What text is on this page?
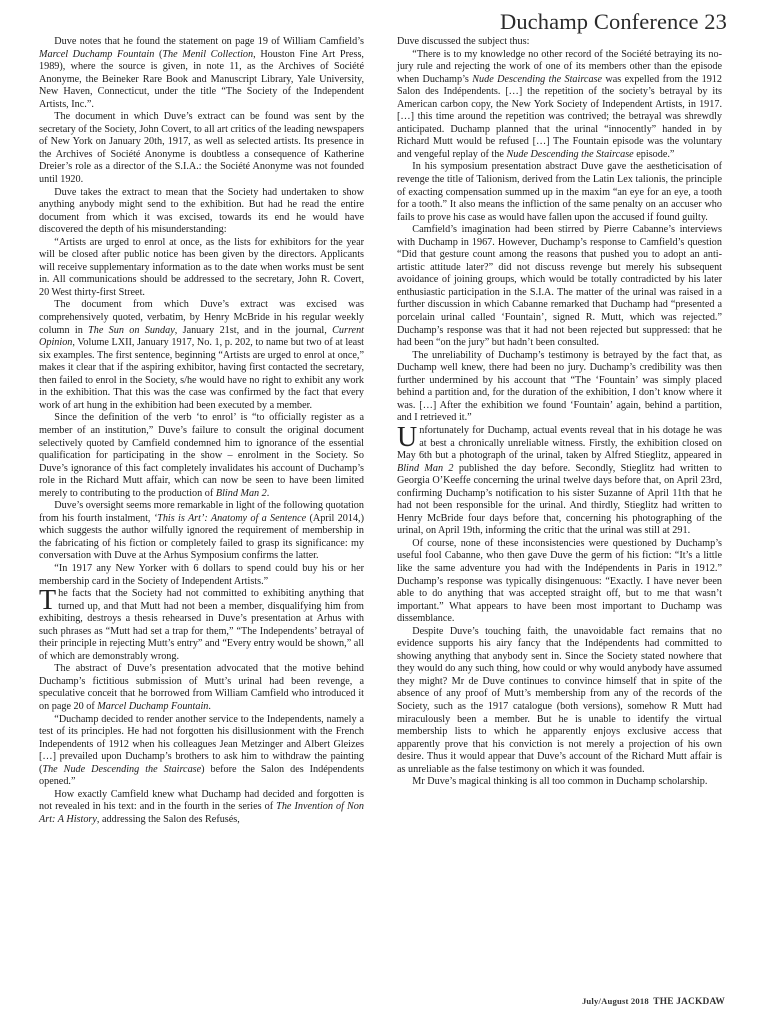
Duchamp Conference 23

Duve notes that he found the statement on page 19 of William Camfield’s Marcel Duchamp Fountain (The Menil Collection, Houston Fine Art Press, 1989), where the source is given, in note 11, as the Archives of Société Anonyme, the Beineker Rare Book and Manuscript Library, Yale University, New Haven, Connecticut, under the title “The Society of the Independent Artists, Inc.”.

The document in which Duve’s extract can be found was sent by the secretary of the Society, John Covert, to all art critics of the leading newspapers of New York on January 20th, 1917, as well as selected artists. Its presence in the Archives of Société Anonyme is doubtless a consequence of Katherine Dreier’s role as a director of the S.I.A.: the Société Anonyme was not founded until 1920.

Duve takes the extract to mean that the Society had undertaken to show anything anybody might send to the exhibition. But had he read the entire document from which it was excised, towards its end he would have discovered the depth of his misunderstanding:

“Artists are urged to enrol at once, as the lists for exhibitors for the year will be closed after public notice has been given by the directors. Applicants will receive supplementary information as to the date when works must be sent in. All communications should be addressed to the secretary, John R. Covert, 20 West thirty-first Street.

The document from which Duve’s extract was excised was comprehensively quoted, verbatim, by Henry McBride in his regular weekly column in The Sun on Sunday, January 21st, and in the journal, Current Opinion, Volume LXII, January 1917, No. 1, p. 202, to name but two of at least six examples. The first sentence, beginning “Artists are urged to enrol at once,” makes it clear that if the aspiring exhibitor, having first contacted the secretary, then failed to enrol in the Society, s/he would have no right to exhibit any work in the exhibition. That this was the case was confirmed by the fact that every work of art hung in the exhibition had been executed by a member.

Since the definition of the verb ‘to enrol’ is “to officially register as a member of an institution,” Duve’s failure to consult the original document selectively quoted by Camfield condemned him to ignorance of the essential qualification for participating in the show – enrolment in the Society. So Duve’s ignorance of this fact completely invalidates his account of Duchamp’s role in the Richard Mutt affair, which can now be seen to have been limited merely to contributing to the production of Blind Man 2.

Duve’s oversight seems more remarkable in light of the following quotation from his fourth instalment, ‘This is Art’: Anatomy of a Sentence (April 2014,) which suggests the author wilfully ignored the requirement of membership in the fabricating of his fiction or completely failed to grasp its significance: my conversation with Duve at the Arhus Symposium confirms the latter.

“In 1917 any New Yorker with 6 dollars to spend could buy his or her membership card in the Society of Independent Artists.”

The facts that the Society had not committed to exhibiting anything that turned up, and that Mutt had not been a member, disqualifying him from exhibiting, destroys a thesis rehearsed in Duve’s presentation at Arhus with such phrases as “Mutt had set a trap for them,” “The Independents’ betrayal of their principle in rejecting Mutt’s entry” and “Every entry would be shown,” all of which are demonstrably wrong.

The abstract of Duve’s presentation advocated that the motive behind Duchamp’s fictitious submission of Mutt’s urinal had been revenge, a speculative conceit that he borrowed from William Camfield who introduced it on page 20 of Marcel Duchamp Fountain.

“Duchamp decided to render another service to the Independents, namely a test of its principles. He had not forgotten his disillusionment with the French Independents of 1912 when his colleagues Jean Metzinger and Albert Gleizes […] prevailed upon Duchamp’s brothers to ask him to withdraw the painting (The Nude Descending the Staircase) before the Salon des Indépendents opened.”

How exactly Camfield knew what Duchamp had decided and forgotten is not revealed in his text: and in the fourth in the series of The Invention of Non Art: A History, addressing the Salon des Refusés,

Duve discussed the subject thus:

“There is to my knowledge no other record of the Société betraying its no-jury rule and rejecting the work of one of its members other than the episode when Duchamp’s Nude Descending the Staircase was expelled from the 1912 Salon des Indépendents. […] the repetition of the society’s betrayal by its American carbon copy, the New York Society of Independent Artists, in 1917. […] this time around the repetition was contrived; the betrayal was shrewdly anticipated. Duchamp planned that the urinal “innocently” handed in by Richard Mutt would be refused […] The Fountain episode was the voluntary and vengeful replay of the Nude Descending the Staircase episode.”

In his symposium presentation abstract Duve gave the aestheticisation of revenge the title of Talionism, derived from the Latin Lex talionis, the principle of exacting compensation summed up in the maxim “an eye for an eye, a tooth for a tooth.” It also means the infliction of the same penalty on an accuser who fails to prove his case as would have fallen upon the accused if found guilty.

Camfield’s imagination had been stirred by Pierre Cabanne’s interviews with Duchamp in 1967. However, Duchamp’s response to Camfield’s question “Did that gesture count among the reasons that pushed you to adopt an anti-artistic attitude later?” did not discuss revenge but merely his subsequent avoidance of joining groups, which would be totally contradicted by his later enthusiastic participation in the S.I.A. The matter of the urinal was raised in a further discussion in which Cabanne remarked that Duchamp had “presented a porcelain urinal called ‘Fountain’, signed R. Mutt, which was rejected.” Duchamp’s response was that it had not been rejected but suppressed: that he had been “on the jury” but hadn’t been consulted.

The unreliability of Duchamp’s testimony is betrayed by the fact that, as Duchamp well knew, there had been no jury. Duchamp’s credibility was then further undermined by his account that “The ‘Fountain’ was simply placed behind a partition and, for the duration of the exhibition, I don’t know where it was. […] After the exhibition we found ‘Fountain’ again, behind a partition, and I retrieved it.”

Unfortunately for Duchamp, actual events reveal that in his dotage he was at best a chronically unreliable witness. Firstly, the exhibition closed on May 6th but a photograph of the urinal, taken by Alfred Stieglitz, appeared in Blind Man 2 published the day before. Secondly, Stieglitz had written to Georgia O’Keeffe concerning the urinal twelve days before that, on April 23rd, confirming Duchamp’s notification to his sister Suzanne of April 11th that he had not been responsible for the urinal. And thirdly, Stieglitz had written to Henry McBride four days before that, concerning his photographing of the urinal, on April 19th, informing the critic that the urinal was still at 291.

Of course, none of these inconsistencies were questioned by Duchamp’s useful fool Cabanne, who then gave Duve the germ of his fiction: “It’s a little like the same adventure you had with the Indépendents in Paris in 1912.” Duchamp’s response was typically disingenuous: “Exactly. I have never been able to do anything that was accepted straight off, but to me that wasn’t important.” What appears to have been most important to Duchamp was dissemblance.

Despite Duve’s touching faith, the unavoidable fact remains that no evidence supports his airy fancy that the Indépendents had committed to showing anything that anybody sent in. Since the Society stated nowhere that they would do any such thing, how could or why would anybody have assumed they might? Mr de Duve continues to convince himself that in spite of the absence of any proof of Mutt’s membership from any of the records of the Society, such as the 1917 catalogue (both versions), somehow R Mutt had miraculously been a member. But he is unable to identify the virtual membership lists to which he apparently enjoys exclusive access that apparently prove that his conviction is not merely a projection of his own desire. Thus it would appear that Duve’s account of the Richard Mutt affair is as unreliable as the false testimony on which it was founded.

Mr Duve’s magical thinking is all too common in Duchamp scholarship.

July/August 2018 THE JACKDAW
